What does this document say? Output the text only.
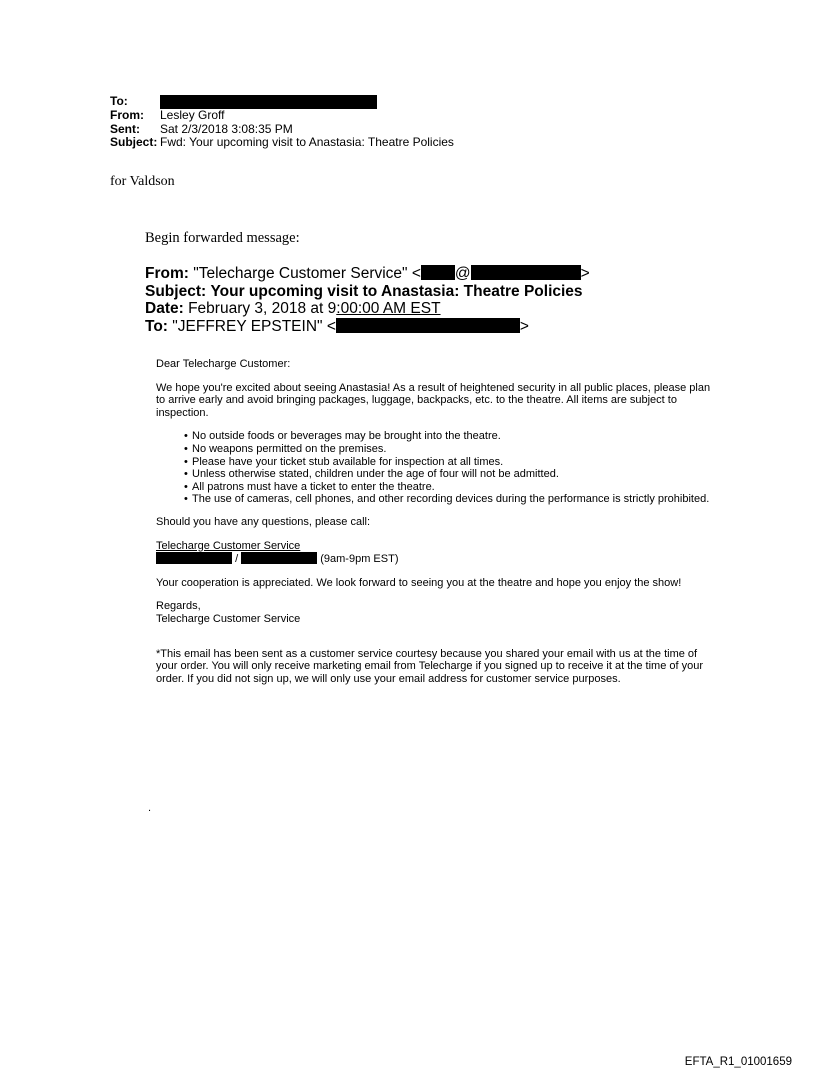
To:
From:	Lesley Groff
Sent:	Sat 2/3/2018 3:08:35 PM
Subject: Fwd: Your upcoming visit to Anastasia: Theatre Policies
for Valdson
Begin forwarded message:
From: "Telecharge Customer Service" < @	>
Subject: Your upcoming visit to Anastasia: Theatre Policies
Date: February 3, 2018 at 9:00:00 AM EST
To: "JEFFREY EPSTEIN" <	>

Dear Telecharge Customer:

We hope you're excited about seeing Anastasia! As a result of heightened security in all public places, please plan to arrive early and avoid bringing packages, luggage, backpacks, etc. to the theatre. All items are subject to inspection.

• No outside foods or beverages may be brought into the theatre.
• No weapons permitted on the premises.
• Please have your ticket stub available for inspection at all times.
• Unless otherwise stated, children under the age of four will not be admitted.
• All patrons must have a ticket to enter the theatre.
• The use of cameras, cell phones, and other recording devices during the performance is strictly prohibited.

Should you have any questions, please call:

Telecharge Customer Service
/	(9am-9pm EST)

Your cooperation is appreciated. We look forward to seeing you at the theatre and hope you enjoy the show!

Regards,
Telecharge Customer Service

*This email has been sent as a customer service courtesy because you shared your email with us at the time of your order. You will only receive marketing email from Telecharge if you signed up to receive it at the time of your order. If you did not sign up, we will only use your email address for customer service purposes.

.
EFTA_R1_01001659
